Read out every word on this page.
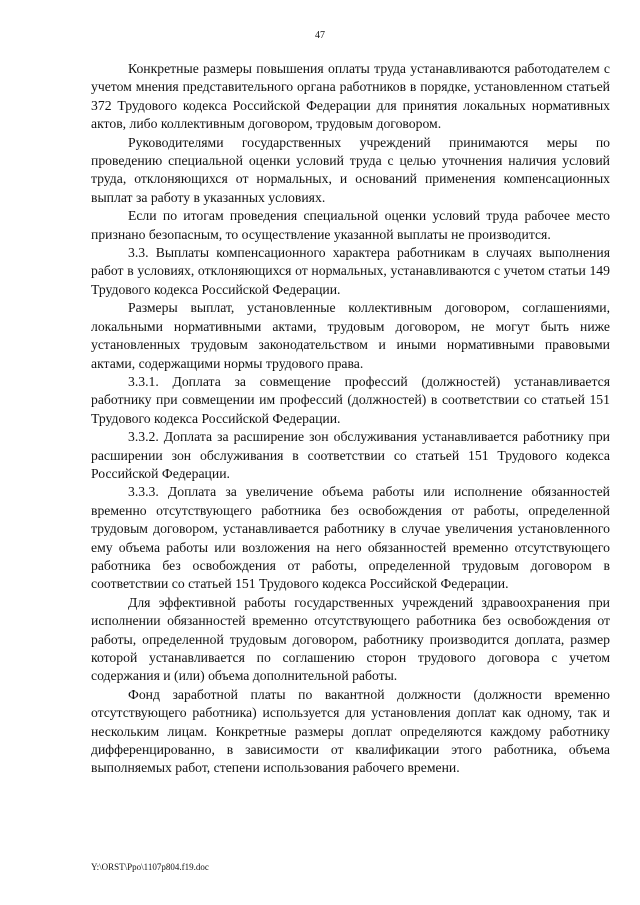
47

Конкретные размеры повышения оплаты труда устанавливаются работодателем с учетом мнения представительного органа работников в порядке, установленном статьей 372 Трудового кодекса Российской Федерации для принятия локальных нормативных актов, либо коллективным договором, трудовым договором.

Руководителями государственных учреждений принимаются меры по проведению специальной оценки условий труда с целью уточнения наличия условий труда, отклоняющихся от нормальных, и оснований применения компенсационных выплат за работу в указанных условиях.

Если по итогам проведения специальной оценки условий труда рабочее место признано безопасным, то осуществление указанной выплаты не производится.

3.3. Выплаты компенсационного характера работникам в случаях выполнения работ в условиях, отклоняющихся от нормальных, устанавливаются с учетом статьи 149 Трудового кодекса Российской Федерации.

Размеры выплат, установленные коллективным договором, соглашениями, локальными нормативными актами, трудовым договором, не могут быть ниже установленных трудовым законодательством и иными нормативными правовыми актами, содержащими нормы трудового права.

3.3.1. Доплата за совмещение профессий (должностей) устанавливается работнику при совмещении им профессий (должностей) в соответствии со статьей 151 Трудового кодекса Российской Федерации.

3.3.2. Доплата за расширение зон обслуживания устанавливается работнику при расширении зон обслуживания в соответствии со статьей 151 Трудового кодекса Российской Федерации.

3.3.3. Доплата за увеличение объема работы или исполнение обязанностей временно отсутствующего работника без освобождения от работы, определенной трудовым договором, устанавливается работнику в случае увеличения установленного ему объема работы или возложения на него обязанностей временно отсутствующего работника без освобождения от работы, определенной трудовым договором в соответствии со статьей 151 Трудового кодекса Российской Федерации.

Для эффективной работы государственных учреждений здравоохранения при исполнении обязанностей временно отсутствующего работника без освобождения от работы, определенной трудовым договором, работнику производится доплата, размер которой устанавливается по соглашению сторон трудового договора с учетом содержания и (или) объема дополнительной работы.

Фонд заработной платы по вакантной должности (должности временно отсутствующего работника) используется для установления доплат как одному, так и нескольким лицам. Конкретные размеры доплат определяются каждому работнику дифференцированно, в зависимости от квалификации этого работника, объема выполняемых работ, степени использования рабочего времени.

Y:\ORST\Ppo\1107p804.f19.doc
